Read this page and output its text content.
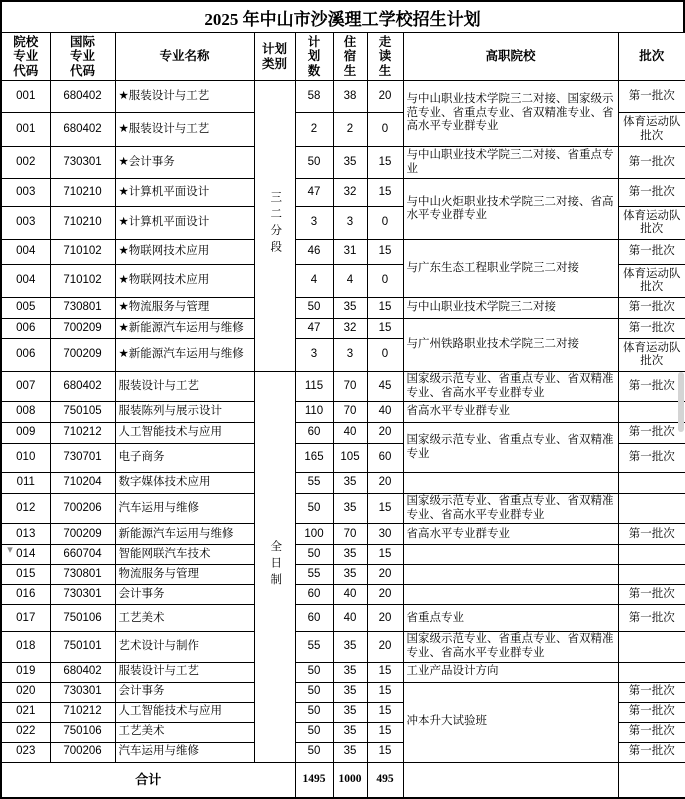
2025 年中山市沙溪理工学校招生计划
院校
专业
代码	国际
专业
代码	专业名称	计划
类别	计
划
数	住
宿
生	走
读
生	高职院校	批次
001	680402	★服装设计与工艺	三二分段	58	38	20	与中山职业技术学院三二对接、国家级示范专业、省重点专业、省双精准专业、省高水平专业群专业	第一批次
001	680402	★服装设计与工艺		2	2	0		体育运动队批次
002	730301	★会计事务		50	35	15	与中山职业技术学院三二对接、省重点专业	第一批次
003	710210	★计算机平面设计		47	32	15	与中山火炬职业技术学院三二对接、省高水平专业群专业	第一批次
003	710210	★计算机平面设计		3	3	0		体育运动队批次
004	710102	★物联网技术应用		46	31	15	与广东生态工程职业学院三二对接	第一批次
004	710102	★物联网技术应用		4	4	0		体育运动队批次
005	730801	★物流服务与管理		50	35	15	与中山职业技术学院三二对接	第一批次
006	700209	★新能源汽车运用与维修		47	32	15	与广州铁路职业技术学院三二对接	第一批次
006	700209	★新能源汽车运用与维修		3	3	0		体育运动队批次
007	680402	服装设计与工艺	全日制	115	70	45	国家级示范专业、省重点专业、省双精准专业、省高水平专业群专业	第一批次
008	750105	服装陈列与展示设计		110	70	40	省高水平专业群专业	
009	710212	人工智能技术与应用		60	40	20	国家级示范专业、省重点专业、省双精准专业	第一批次
010	730701	电子商务		165	105	60		第一批次
011	710204	数字媒体技术应用		55	35	20		
012	700206	汽车运用与维修		50	35	15	国家级示范专业、省重点专业、省双精准专业、省高水平专业群专业	
013	700209	新能源汽车运用与维修		100	70	30	省高水平专业群专业	第一批次
014	660704	智能网联汽车技术		50	35	15		
015	730801	物流服务与管理		55	35	20		
016	730301	会计事务		60	40	20		第一批次
017	750106	工艺美术		60	40	20	省重点专业	第一批次
018	750101	艺术设计与制作		55	35	20	国家级示范专业、省重点专业、省双精准专业、省高水平专业群专业	
019	680402	服装设计与工艺		50	35	15	工业产品设计方向	
020	730301	会计事务		50	35	15	冲本升大试验班	第一批次
021	710212	人工智能技术与应用		50	35	15		第一批次
022	750106	工艺美术		50	35	15		第一批次
023	700206	汽车运用与维修		50	35	15		第一批次
合计				1495	1000	495		
▾
